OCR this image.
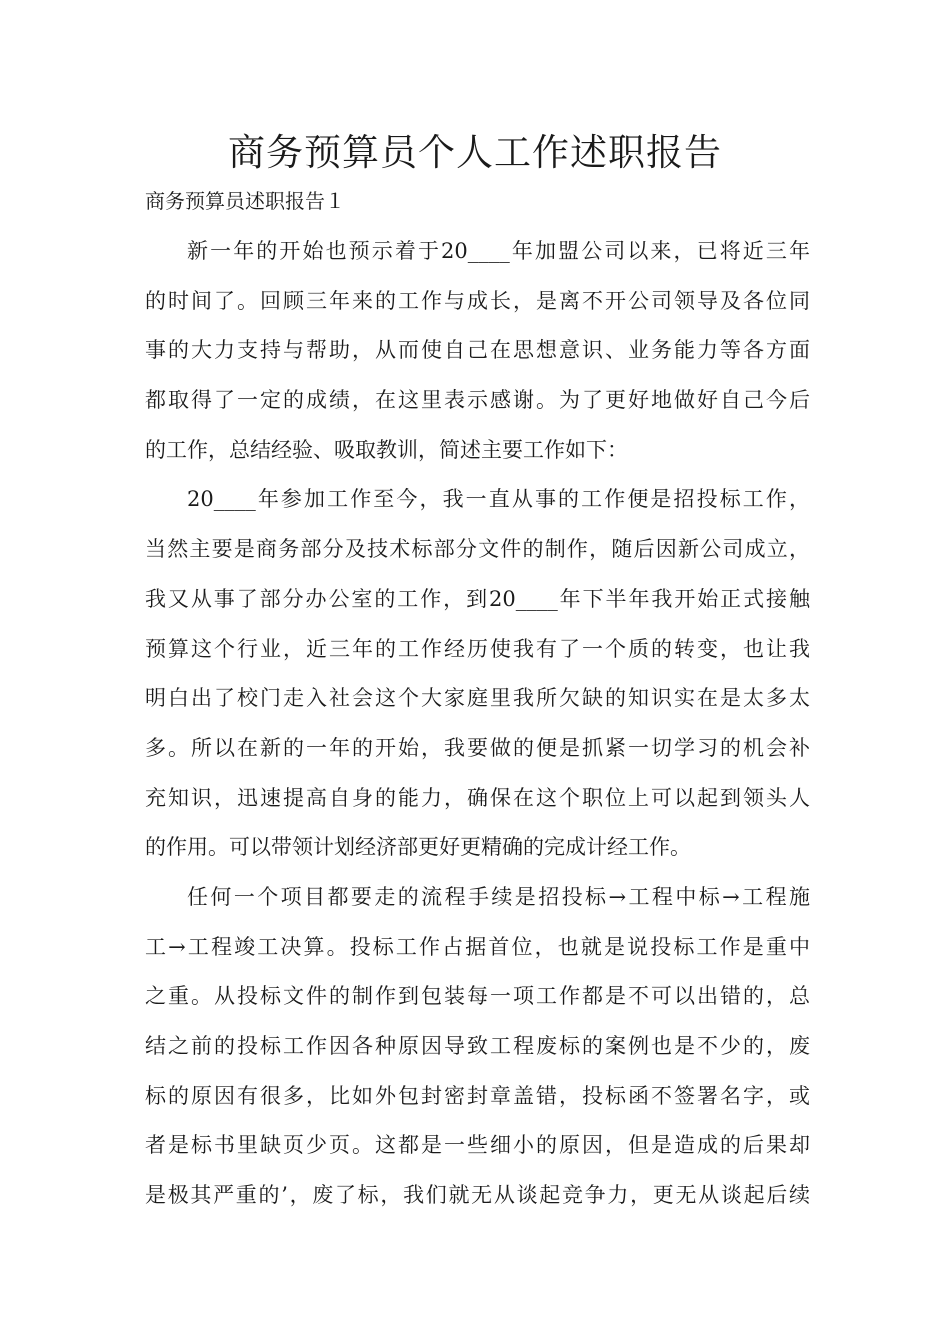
商务预算员个人工作述职报告

商务预算员述职报告１

新一年的开始也预示着于20____年加盟公司以来，已将近三年
的时间了。回顾三年来的工作与成长，是离不开公司领导及各位同
事的大力支持与帮助，从而使自己在思想意识、业务能力等各方面
都取得了一定的成绩，在这里表示感谢。为了更好地做好自己今后
的工作，总结经验、吸取教训，简述主要工作如下：
20____年参加工作至今，我一直从事的工作便是招投标工作，
当然主要是商务部分及技术标部分文件的制作，随后因新公司成立，
我又从事了部分办公室的工作，到20____年下半年我开始正式接触
预算这个行业，近三年的工作经历使我有了一个质的转变，也让我
明白出了校门走入社会这个大家庭里我所欠缺的知识实在是太多太
多。所以在新的一年的开始，我要做的便是抓紧一切学习的机会补
充知识，迅速提高自身的能力，确保在这个职位上可以起到领头人
的作用。可以带领计划经济部更好更精确的完成计经工作。
任何一个项目都要走的流程手续是招投标→工程中标→工程施
工→工程竣工决算。投标工作占据首位，也就是说投标工作是重中
之重。从投标文件的制作到包装每一项工作都是不可以出错的，总
结之前的投标工作因各种原因导致工程废标的案例也是不少的，废
标的原因有很多，比如外包封密封章盖错，投标函不签署名字，或
者是标书里缺页少页。这都是一些细小的原因，但是造成的后果却
是极其严重的’，废了标，我们就无从谈起竞争力，更无从谈起后续
